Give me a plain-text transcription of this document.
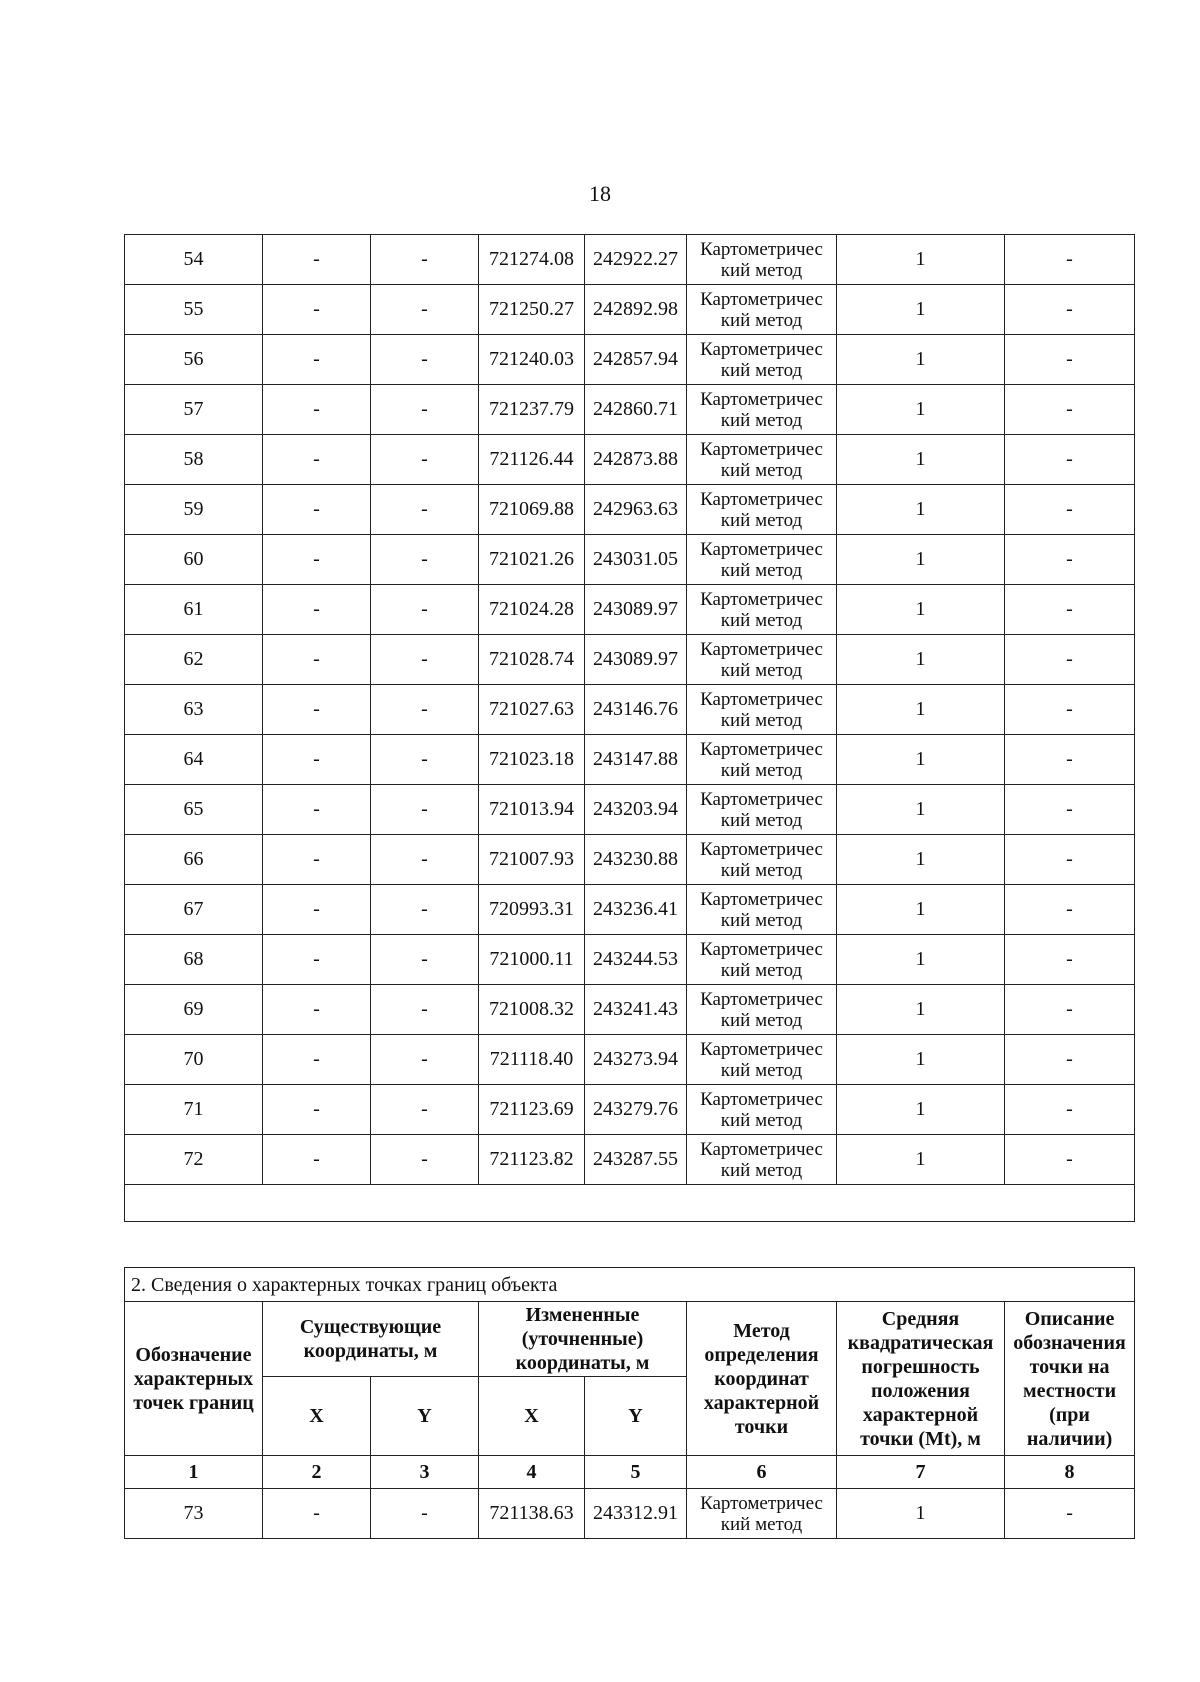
18
54	-	-	721274.08	242922.27	Картометричес кий метод	1	-
55	-	-	721250.27	242892.98	Картометричес кий метод	1	-
56	-	-	721240.03	242857.94	Картометричес кий метод	1	-
57	-	-	721237.79	242860.71	Картометричес кий метод	1	-
58	-	-	721126.44	242873.88	Картометричес кий метод	1	-
59	-	-	721069.88	242963.63	Картометричес кий метод	1	-
60	-	-	721021.26	243031.05	Картометричес кий метод	1	-
61	-	-	721024.28	243089.97	Картометричес кий метод	1	-
62	-	-	721028.74	243089.97	Картометричес кий метод	1	-
63	-	-	721027.63	243146.76	Картометричес кий метод	1	-
64	-	-	721023.18	243147.88	Картометричес кий метод	1	-
65	-	-	721013.94	243203.94	Картометричес кий метод	1	-
66	-	-	721007.93	243230.88	Картометричес кий метод	1	-
67	-	-	720993.31	243236.41	Картометричес кий метод	1	-
68	-	-	721000.11	243244.53	Картометричес кий метод	1	-
69	-	-	721008.32	243241.43	Картометричес кий метод	1	-
70	-	-	721118.40	243273.94	Картометричес кий метод	1	-
71	-	-	721123.69	243279.76	Картометричес кий метод	1	-
72	-	-	721123.82	243287.55	Картометричес кий метод	1	-

2. Сведения о характерных точках границ объекта							
Обозначение характерных точек границ	Существующие координаты, м		Измененные (уточненные) координаты, м		Метод определения координат характерной точки	Средняя квадратическая погрешность положения характерной точки (Mt), м	Описание обозначения точки на местности (при наличии)
	X	Y	X	Y			
1	2	3	4	5	6	7	8
73	-	-	721138.63	243312.91	Картометричес кий метод	1	-
